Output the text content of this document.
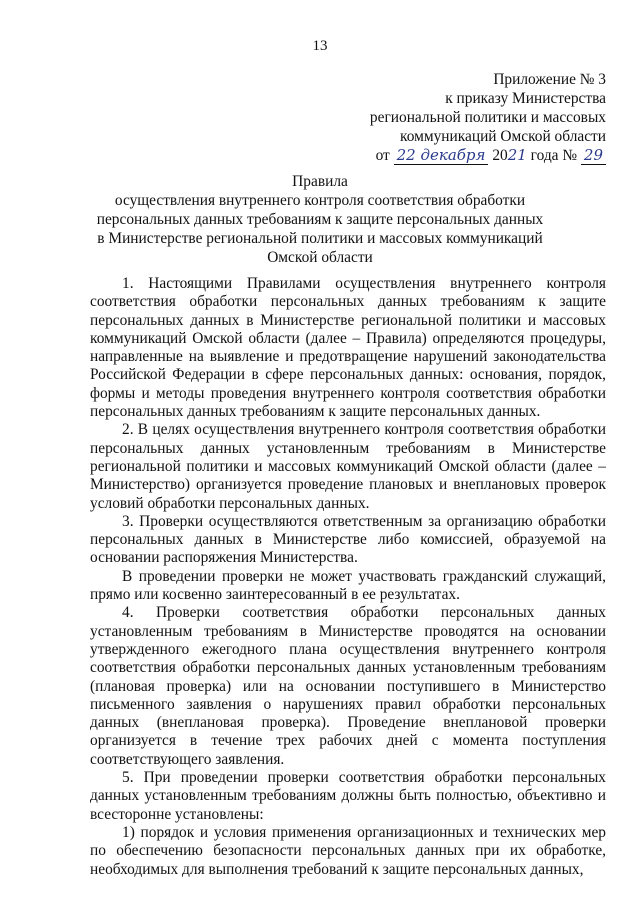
13
Приложение № 3
к приказу Министерства
региональной политики и массовых
коммуникаций Омской области
от 22 декабря 2021 года № 29
Правила
осуществления внутреннего контроля соответствия обработки
персональных данных требованиям к защите персональных данных
в Министерстве региональной политики и массовых коммуникаций
Омской области

1. Настоящими Правилами осуществления внутреннего контроля соответствия обработки персональных данных требованиям к защите персональных данных в Министерстве региональной политики и массовых коммуникаций Омской области (далее – Правила) определяются процедуры, направленные на выявление и предотвращение нарушений законодательства Российской Федерации в сфере персональных данных: основания, порядок, формы и методы проведения внутреннего контроля соответствия обработки персональных данных требованиям к защите персональных данных.

2. В целях осуществления внутреннего контроля соответствия обработки персональных данных установленным требованиям в Министерстве региональной политики и массовых коммуникаций Омской области (далее – Министерство) организуется проведение плановых и внеплановых проверок условий обработки персональных данных.

3. Проверки осуществляются ответственным за организацию обработки персональных данных в Министерстве либо комиссией, образуемой на основании распоряжения Министерства.

В проведении проверки не может участвовать гражданский служащий, прямо или косвенно заинтересованный в ее результатах.

4. Проверки соответствия обработки персональных данных установленным требованиям в Министерстве проводятся на основании утвержденного ежегодного плана осуществления внутреннего контроля соответствия обработки персональных данных установленным требованиям (плановая проверка) или на основании поступившего в Министерство письменного заявления о нарушениях правил обработки персональных данных (внеплановая проверка). Проведение внеплановой проверки организуется в течение трех рабочих дней с момента поступления соответствующего заявления.

5. При проведении проверки соответствия обработки персональных данных установленным требованиям должны быть полностью, объективно и всесторонне установлены:

1) порядок и условия применения организационных и технических мер по обеспечению безопасности персональных данных при их обработке, необходимых для выполнения требований к защите персональных данных,
